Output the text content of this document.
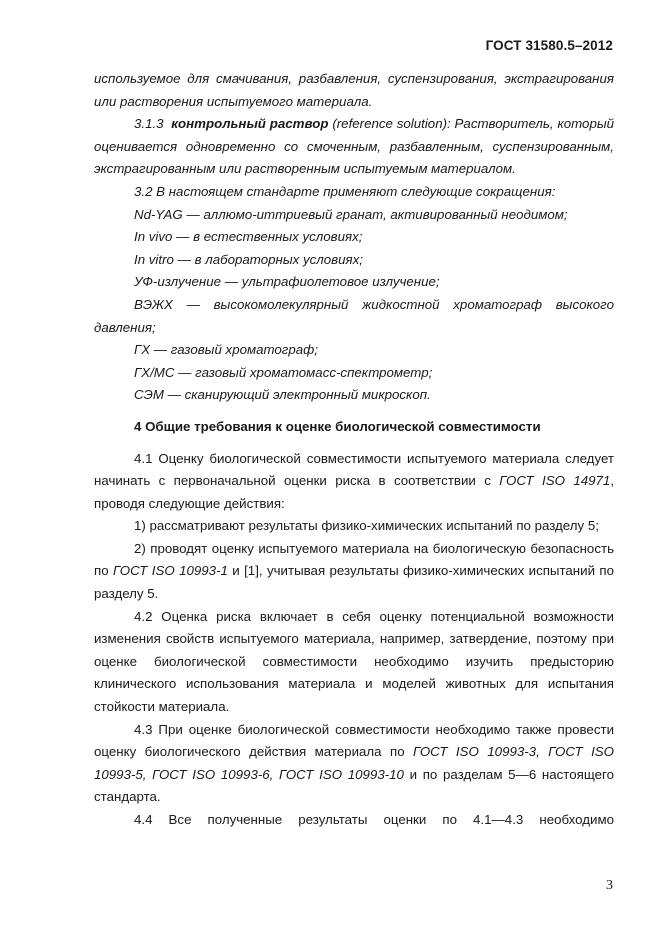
ГОСТ 31580.5–2012

используемое для смачивания, разбавления, суспензирования, экстрагирования или растворения испытуемого материала.

3.1.3 контрольный раствор (reference solution): Растворитель, который оценивается одновременно со смоченным, разбавленным, суспензированным, экстрагированным или растворенным испытуемым материалом.

3.2 В настоящем стандарте применяют следующие сокращения:

Nd-YAG — аллюмо-иттриевый гранат, активированный неодимом;

In vivo — в естественных условиях;

In vitro — в лабораторных условиях;

УФ-излучение — ультрафиолетовое излучение;

ВЭЖХ — высокомолекулярный жидкостной хроматограф высокого давления;

ГХ — газовый хроматограф;

ГХ/МС — газовый хроматомасс-спектрометр;

СЭМ — сканирующий электронный микроскоп.

4 Общие требования к оценке биологической совместимости

4.1 Оценку биологической совместимости испытуемого материала следует начинать с первоначальной оценки риска в соответствии с ГОСТ ISO 14971, проводя следующие действия:

1) рассматривают результаты физико-химических испытаний по разделу 5;

2) проводят оценку испытуемого материала на биологическую безопасность по ГОСТ ISO 10993-1 и [1], учитывая результаты физико-химических испытаний по разделу 5.

4.2 Оценка риска включает в себя оценку потенциальной возможности изменения свойств испытуемого материала, например, затвердение, поэтому при оценке биологической совместимости необходимо изучить предысторию клинического использования материала и моделей животных для испытания стойкости материала.

4.3 При оценке биологической совместимости необходимо также провести оценку биологического действия материала по ГОСТ ISO 10993-3, ГОСТ ISO 10993-5, ГОСТ ISO 10993-6, ГОСТ ISO 10993-10 и по разделам 5—6 настоящего стандарта.

4.4 Все полученные результаты оценки по 4.1—4.3 необходимо

3
